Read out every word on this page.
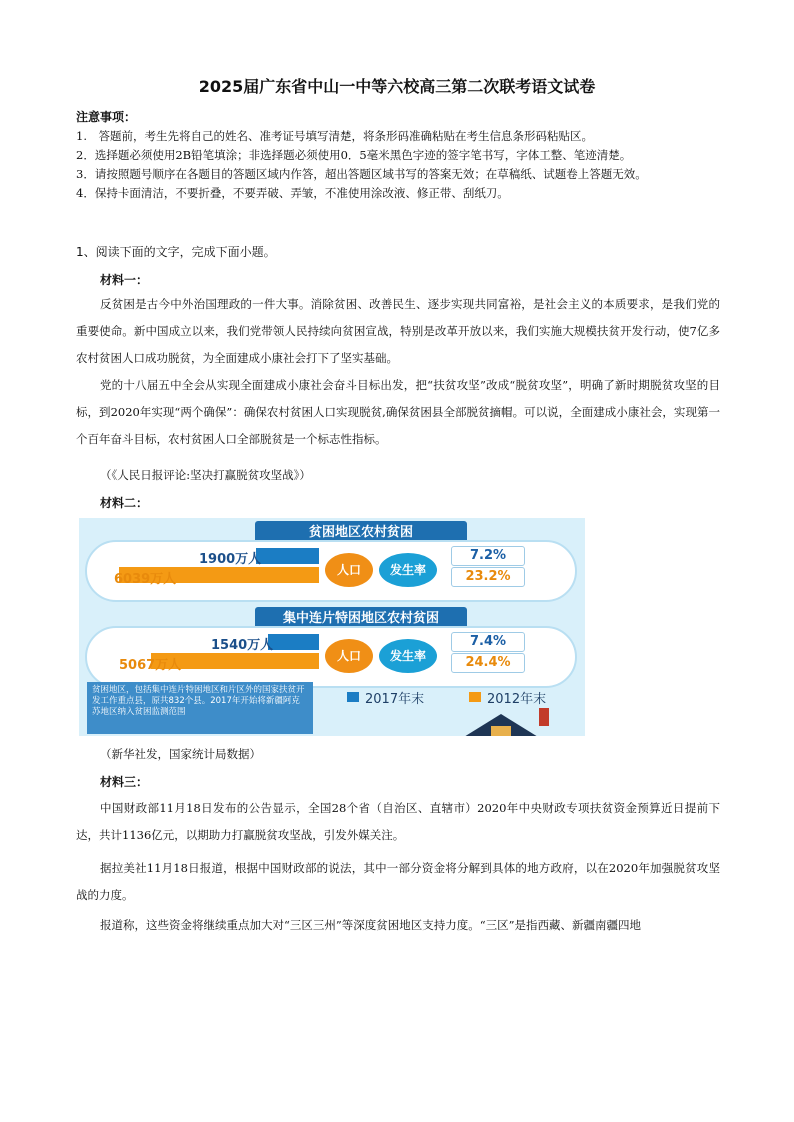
2025届广东省中山一中等六校高三第二次联考语文试卷
注意事项：
1.　答题前，考生先将自己的姓名、准考证号填写清楚，将条形码准确粘贴在考生信息条形码粘贴区。
2．选择题必须使用2B铅笔填涂；非选择题必须使用0．5毫米黑色字迹的签字笔书写，字体工整、笔迹清楚。
3．请按照题号顺序在各题目的答题区域内作答，超出答题区域书写的答案无效；在草稿纸、试题卷上答题无效。
4．保持卡面清洁，不要折叠，不要弄破、弄皱，不准使用涂改液、修正带、刮纸刀。
1、阅读下面的文字，完成下面小题。
材料一：
反贫困是古今中外治国理政的一件大事。消除贫困、改善民生、逐步实现共同富裕，是社会主义的本质要求，是我们党的重要使命。新中国成立以来，我们党带领人民持续向贫困宣战，特别是改革开放以来，我们实施大规模扶贫开发行动，使7亿多农村贫困人口成功脱贫，为全面建成小康社会打下了坚实基础。
党的十八届五中全会从实现全面建成小康社会奋斗目标出发，把“扶贫攻坚”改成“脱贫攻坚”，明确了新时期脱贫攻坚的目标，到2020年实现“两个确保”：确保农村贫困人口实现脱贫,确保贫困县全部脱贫摘帽。可以说，全面建成小康社会，实现第一个百年奋斗目标，农村贫困人口全部脱贫是一个标志性指标。
（《人民日报评论:坚决打赢脱贫攻坚战》）
材料二：
贫困地区农村贫困
1900万人
6039万人
人口	发生率
7.2%
23.2%
集中连片特困地区农村贫困
1540万人
5067万人
人口	发生率
7.4%
24.4%
贫困地区，包括集中连片特困地区和片区外的国家扶贫开发工作重点县，原共832个县。2017年开始将新疆阿克苏地区纳入贫困监测范围
2017年末	2012年末
（新华社发，国家统计局数据）
材料三：
中国财政部11月18日发布的公告显示，全国28个省（自治区、直辖市）2020年中央财政专项扶贫资金预算近日提前下达，共计1136亿元，以期助力打赢脱贫攻坚战，引发外媒关注。
据拉美社11月18日报道，根据中国财政部的说法，其中一部分资金将分解到具体的地方政府，以在2020年加强脱贫攻坚战的力度。
报道称，这些资金将继续重点加大对“三区三州”等深度贫困地区支持力度。“三区”是指西藏、新疆南疆四地
